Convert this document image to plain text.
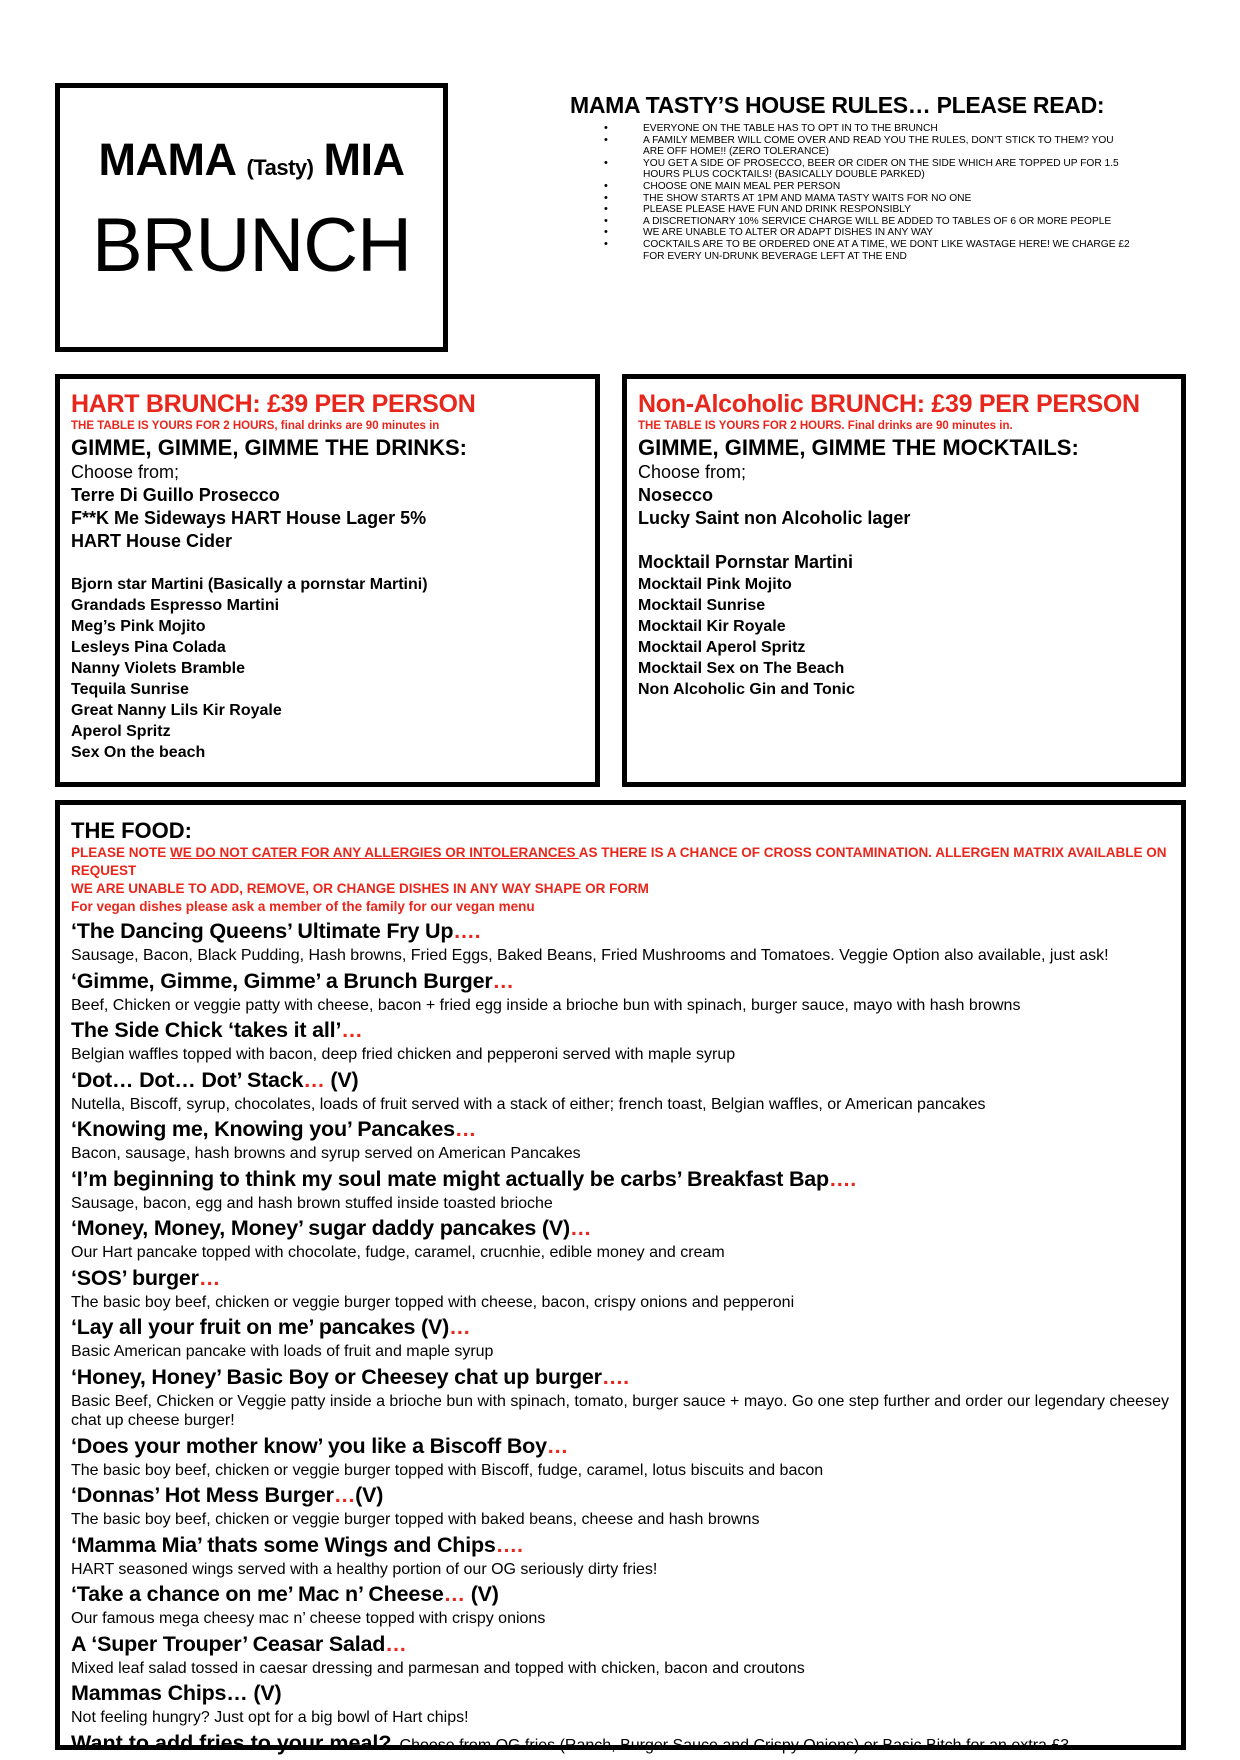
MAMA (Tasty) MIA
BRUNCH
MAMA TASTY’S HOUSE RULES… PLEASE READ:
• EVERYONE ON THE TABLE HAS TO OPT IN TO THE BRUNCH
• A FAMILY MEMBER WILL COME OVER AND READ YOU THE RULES, DON’T STICK TO THEM? YOU ARE OFF HOME!! (ZERO TOLERANCE)
• YOU GET A SIDE OF PROSECCO, BEER OR CIDER ON THE SIDE WHICH ARE TOPPED UP FOR 1.5 HOURS PLUS COCKTAILS! (BASICALLY DOUBLE PARKED)
• CHOOSE ONE MAIN MEAL PER PERSON
• THE SHOW STARTS AT 1PM AND MAMA TASTY WAITS FOR NO ONE
• PLEASE PLEASE HAVE FUN AND DRINK RESPONSIBLY
• A DISCRETIONARY 10% SERVICE CHARGE WILL BE ADDED TO TABLES OF 6 OR MORE PEOPLE
• WE ARE UNABLE TO ALTER OR ADAPT DISHES IN ANY WAY
• COCKTAILS ARE TO BE ORDERED ONE AT A TIME, WE DONT LIKE WASTAGE HERE! WE CHARGE £2 FOR EVERY UN-DRUNK BEVERAGE LEFT AT THE END
HART BRUNCH: £39 PER PERSON
THE TABLE IS YOURS FOR 2 HOURS, final drinks are 90 minutes in
GIMME, GIMME, GIMME THE DRINKS:
Choose from;
Terre Di Guillo Prosecco
F**K Me Sideways HART House Lager 5%
HART House Cider
Bjorn star Martini (Basically a pornstar Martini)
Grandads Espresso Martini
Meg’s Pink Mojito
Lesleys Pina Colada
Nanny Violets Bramble
Tequila Sunrise
Great Nanny Lils Kir Royale
Aperol Spritz
Sex On the beach
Non-Alcoholic BRUNCH: £39 PER PERSON
THE TABLE IS YOURS FOR 2 HOURS. Final drinks are 90 minutes in.
GIMME, GIMME, GIMME THE MOCKTAILS:
Choose from;
Nosecco
Lucky Saint non Alcoholic lager
Mocktail Pornstar Martini
Mocktail Pink Mojito
Mocktail Sunrise
Mocktail Kir Royale
Mocktail Aperol Spritz
Mocktail Sex on The Beach
Non Alcoholic Gin and Tonic
THE FOOD:
PLEASE NOTE WE DO NOT CATER FOR ANY ALLERGIES OR INTOLERANCES AS THERE IS A CHANCE OF CROSS CONTAMINATION. ALLERGEN MATRIX AVAILABLE ON REQUEST
WE ARE UNABLE TO ADD, REMOVE, OR CHANGE DISHES IN ANY WAY SHAPE OR FORM
For vegan dishes please ask a member of the family for our vegan menu
‘The Dancing Queens’ Ultimate Fry Up….
Sausage, Bacon, Black Pudding, Hash browns, Fried Eggs, Baked Beans, Fried Mushrooms and Tomatoes. Veggie Option also available, just ask!
‘Gimme, Gimme, Gimme’ a Brunch Burger…
Beef, Chicken or veggie patty with cheese, bacon + fried egg inside a brioche bun with spinach, burger sauce, mayo with hash browns
The Side Chick ‘takes it all’…
Belgian waffles topped with bacon, deep fried chicken and pepperoni served with maple syrup
‘Dot… Dot… Dot’ Stack… (V)
Nutella, Biscoff, syrup, chocolates, loads of fruit served with a stack of either; french toast, Belgian waffles, or American pancakes
‘Knowing me, Knowing you’ Pancakes…
Bacon, sausage, hash browns and syrup served on American Pancakes
‘I’m beginning to think my soul mate might actually be carbs’ Breakfast Bap….
Sausage, bacon, egg and hash brown stuffed inside toasted brioche
‘Money, Money, Money’ sugar daddy pancakes (V)…
Our Hart pancake topped with chocolate, fudge, caramel, crucnhie, edible money and cream
‘SOS’ burger…
The basic boy beef, chicken or veggie burger topped with cheese, bacon, crispy onions and pepperoni
‘Lay all your fruit on me’ pancakes (V)…
Basic American pancake with loads of fruit and maple syrup
‘Honey, Honey’ Basic Boy or Cheesey chat up burger….
Basic Beef, Chicken or Veggie patty inside a brioche bun with spinach, tomato, burger sauce + mayo. Go one step further and order our legendary cheesey chat up cheese burger!
‘Does your mother know’ you like a Biscoff Boy…
The basic boy beef, chicken or veggie burger topped with Biscoff, fudge, caramel, lotus biscuits and bacon
‘Donnas’ Hot Mess Burger…(V)
The basic boy beef, chicken or veggie burger topped with baked beans, cheese and hash browns
‘Mamma Mia’ thats some Wings and Chips….
HART seasoned wings served with a healthy portion of our OG seriously dirty fries!
‘Take a chance on me’ Mac n’ Cheese… (V)
Our famous mega cheesy mac n’ cheese topped with crispy onions
A ‘Super Trouper’ Ceasar Salad…
Mixed leaf salad tossed in caesar dressing and parmesan and topped with chicken, bacon and croutons
Mammas Chips… (V)
Not feeling hungry? Just opt for a big bowl of Hart chips!
Want to add fries to your meal? Choose from OG fries (Ranch, Burger Sauce and Crispy Onions) or Basic Bitch for an extra £3
